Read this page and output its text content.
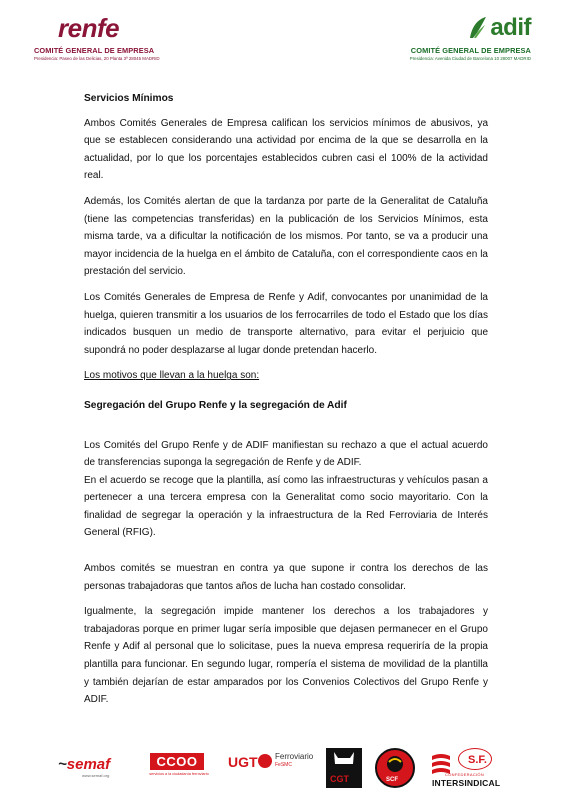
renfe
COMITÉ GENERAL DE EMPRESA
Presidencia: Paseo de las Delicias, 20 Planta 3ª 28045 MADRID
adif
COMITÉ GENERAL DE EMPRESA
Presidencia: Avenida Ciudad de Barcelona 10 28007 MADRID
Servicios Mínimos

Ambos Comités Generales de Empresa califican los servicios mínimos de abusivos, ya que se establecen considerando una actividad por encima de la que se desarrolla en la actualidad, por lo que los porcentajes establecidos cubren casi el 100% de la actividad real.

Además, los Comités alertan de que la tardanza por parte de la Generalitat de Cataluña (tiene las competencias transferidas) en la publicación de los Servicios Mínimos, esta misma tarde, va a dificultar la notificación de los mismos. Por tanto, se va a producir una mayor incidencia de la huelga en el ámbito de Cataluña, con el correspondiente caos en la prestación del servicio.

Los Comités Generales de Empresa de Renfe y Adif, convocantes por unanimidad de la huelga, quieren transmitir a los usuarios de los ferrocarriles de todo el Estado que los días indicados busquen un medio de transporte alternativo, para evitar el perjuicio que supondrá no poder desplazarse al lugar donde pretendan hacerlo.

Los motivos que llevan a la huelga son:

Segregación del Grupo Renfe y la segregación de Adif

Los Comités del Grupo Renfe y de ADIF manifiestan su rechazo a que el actual acuerdo de transferencias suponga la segregación de Renfe y de ADIF.

En el acuerdo se recoge que la plantilla, así como las infraestructuras y vehículos pasan a pertenecer a una tercera empresa con la Generalitat como socio mayoritario. Con la finalidad de segregar la operación y la infraestructura de la Red Ferroviaria de Interés General (RFIG).

Ambos comités se muestran en contra ya que supone ir contra los derechos de las personas trabajadoras que tantos años de lucha han costado consolidar.

Igualmente, la segregación impide mantener los derechos a los trabajadores y trabajadoras porque en primer lugar sería imposible que dejasen permanecer en el Grupo Renfe y Adif al personal que lo solicitase, pues la nueva empresa requeriría de la propia plantilla para funcionar. En segundo lugar, rompería el sistema de movilidad de la plantilla y también dejarían de estar amparados por los Convenios Colectivos del Grupo Renfe y ADIF.

~semaf
www.semaf.org
CCOO
servicios a la ciudadanía ferroviario
UGT Ferroviario
FeSMC
CGT	SCF
S.F.
CONFEDERACIÓN
INTERSINDICAL
